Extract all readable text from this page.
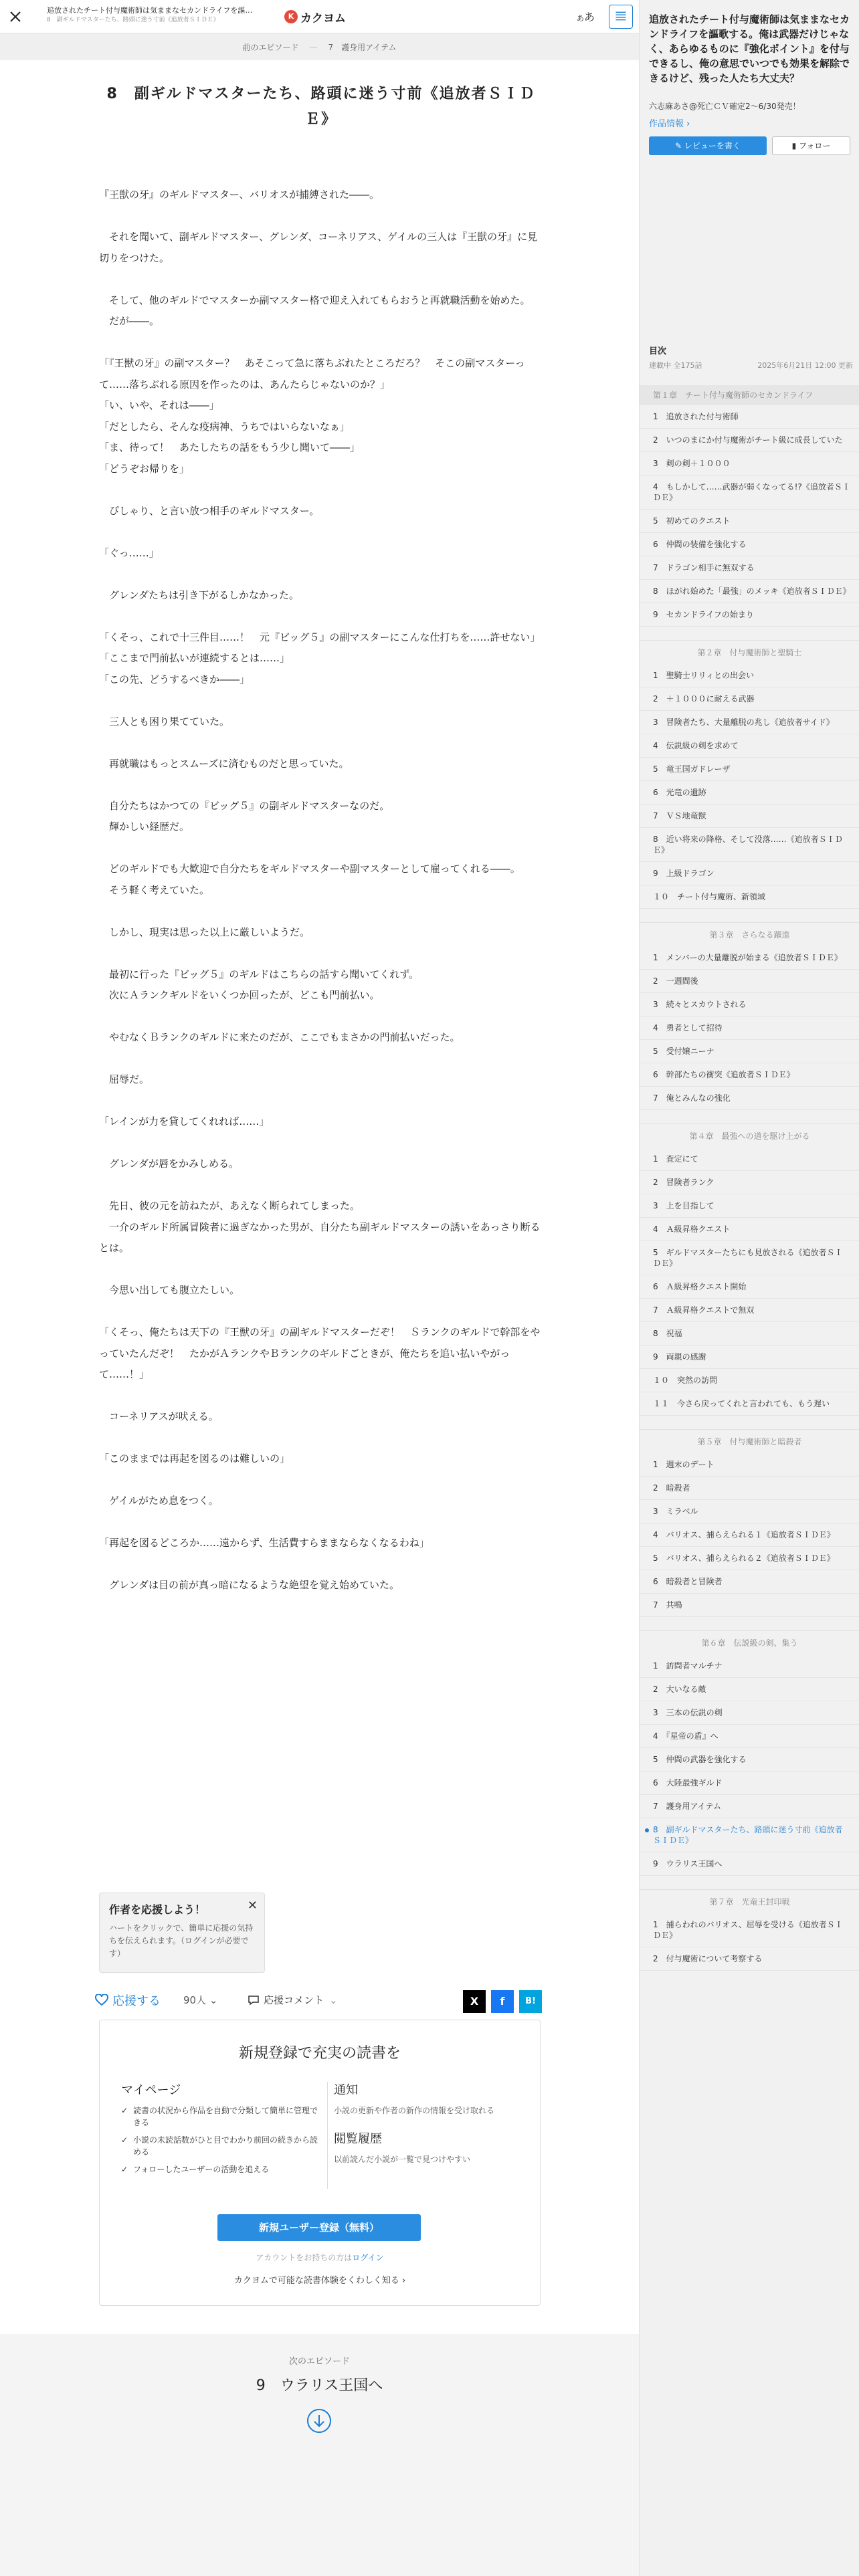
追放されたチート付与魔術師は気ままなセカンドライフを謳…
8　副ギルドマスターたち、路頭に迷う寸前《追放者ＳＩＤＥ》	K カクヨム	ああ
前のエピソード — 7　護身用アイテム
8　副ギルドマスターたち、路頭に迷う寸前《追放者ＳＩＤＥ》

『王獣の牙』のギルドマスター、バリオスが捕縛された――。

　それを聞いて、副ギルドマスター、グレンダ、コーネリアス、ゲイルの三人は『王獣の牙』に見切りをつけた。

　そして、他のギルドでマスターか副マスター格で迎え入れてもらおうと再就職活動を始めた。

　だが――。

「『王獣の牙』の副マスター？　あそこって急に落ちぶれたところだろ？　そこの副マスターって……落ちぶれる原因を作ったのは、あんたらじゃないのか？」

「い、いや、それは――」

「だとしたら、そんな疫病神、うちではいらないなぁ」

「ま、待って！　あたしたちの話をもう少し聞いて――」

「どうぞお帰りを」

　ぴしゃり、と言い放つ相手のギルドマスター。

「ぐっ……」

　グレンダたちは引き下がるしかなかった。

「くそっ、これで十三件目……！　元『ビッグ５』の副マスターにこんな仕打ちを……許せない」

「ここまで門前払いが連続するとは……」

「この先、どうするべきか――」

　三人とも困り果てていた。

　再就職はもっとスムーズに済むものだと思っていた。

　自分たちはかつての『ビッグ５』の副ギルドマスターなのだ。

　輝かしい経歴だ。

　どのギルドでも大歓迎で自分たちをギルドマスターや副マスターとして雇ってくれる――。

　そう軽く考えていた。

　しかし、現実は思った以上に厳しいようだ。

　最初に行った『ビッグ５』のギルドはこちらの話すら聞いてくれず。

　次にＡランクギルドをいくつか回ったが、どこも門前払い。

　やむなくＢランクのギルドに来たのだが、ここでもまさかの門前払いだった。

　屈辱だ。

「レインが力を貸してくれれば……」

　グレンダが唇をかみしめる。

　先日、彼の元を訪ねたが、あえなく断られてしまった。

　一介のギルド所属冒険者に過ぎなかった男が、自分たち副ギルドマスターの誘いをあっさり断るとは。

　今思い出しても腹立たしい。

「くそっ、俺たちは天下の『王獣の牙』の副ギルドマスターだぞ！　Ｓランクのギルドで幹部をやっていたんだぞ！　たかがＡランクやＢランクのギルドごときが、俺たちを追い払いやがって……！」

　コーネリアスが吠える。

「このままでは再起を図るのは難しいの」

　ゲイルがため息をつく。

「再起を図るどころか……遠からず、生活費すらままならなくなるわね」

　グレンダは目の前が真っ暗になるような絶望を覚え始めていた。

作者を応援しよう！
ハートをクリックで、簡単に応援の気持ちを伝えられます。（ログインが必要です）
✕
応援する 90人 ⌄	応援コメント ⌄	X	f	B!
新規登録で充実の読書を
マイページ
✓ 読書の状況から作品を自動で分類して簡単に管理できる
✓ 小説の未読話数がひと目でわかり前回の続きから読める
✓ フォローしたユーザーの活動を追える
通知
小説の更新や作者の新作の情報を受け取れる
閲覧履歴
以前読んだ小説が一覧で見つけやすい
新規ユーザー登録（無料）
アカウントをお持ちの方はログイン
カクヨムで可能な読書体験をくわしく知る ›
次のエピソード
9　ウラリス王国へ
追放されたチート付与魔術師は気ままなセカンドライフを謳歌する。俺は武器だけじゃなく、あらゆるものに『強化ポイント』を付与できるし、俺の意思でいつでも効果を解除できるけど、残った人たち大丈夫？
六志麻あさ@死亡ＣＶ確定2〜6/30発売！
作品情報 ›
✎ レビューを書く	▮ フォロー
目次
連載中 全175話	2025年6月21日 12:00 更新
第１章　チート付与魔術師のセカンドライフ
1　追放された付与術師
2　いつのまにか付与魔術がチート級に成長していた
3　剣の剣＋１０００
4　もしかして……武器が弱くなってる!?《追放者ＳＩＤＥ》
5　初めてのクエスト
6　仲間の装備を強化する
7　ドラゴン相手に無双する
8　ほがれ始めた「最強」のメッキ《追放者ＳＩＤＥ》
9　セカンドライフの始まり
第２章　付与魔術師と聖騎士
1　聖騎士リリィとの出会い
2　＋１０００に耐える武器
3　冒険者たち、大量離脱の兆し《追放者サイド》
4　伝説級の剣を求めて
5　竜王国ガドレーザ
6　光竜の遺跡
7　ＶＳ地竜獣
8　近い将来の降格、そして没落……《追放者ＳＩＤＥ》
9　上級ドラゴン
１０　チート付与魔術、新領域
第３章　さらなる躍進
1　メンバーの大量離脱が始まる《追放者ＳＩＤＥ》
2　一週間後
3　続々とスカウトされる
4　勇者として招待
5　受付嬢ニーナ
6　幹部たちの衝突《追放者ＳＩＤＥ》
7　俺とみんなの強化
第４章　最強への道を駆け上がる
1　査定にて
2　冒険者ランク
3　上を目指して
4　Ａ級昇格クエスト
5　ギルドマスターたちにも見放される《追放者ＳＩＤＥ》
6　Ａ級昇格クエスト開始
7　Ａ級昇格クエストで無双
8　祝福
9　両親の感謝
１０　突然の訪問
１１　今さら戻ってくれと言われても、もう遅い
第５章　付与魔術師と暗殺者
1　週末のデート
2　暗殺者
3　ミラベル
4　バリオス、捕らえられる１《追放者ＳＩＤＥ》
5　バリオス、捕らえられる２《追放者ＳＩＤＥ》
6　暗殺者と冒険者
7　共鳴
第６章　伝説級の剣、集う
1　訪問者マルチナ
2　大いなる敵
3　三本の伝説の剣
4　『星帝の盾』へ
5　仲間の武器を強化する
6　大陸最強ギルド
7　護身用アイテム
8　副ギルドマスターたち、路頭に迷う寸前《追放者ＳＩＤＥ》
9　ウラリス王国へ
第７章　光竜王封印戦
1　捕らわれのバリオス、屈辱を受ける《追放者ＳＩＤＥ》
2　付与魔術について考察する
